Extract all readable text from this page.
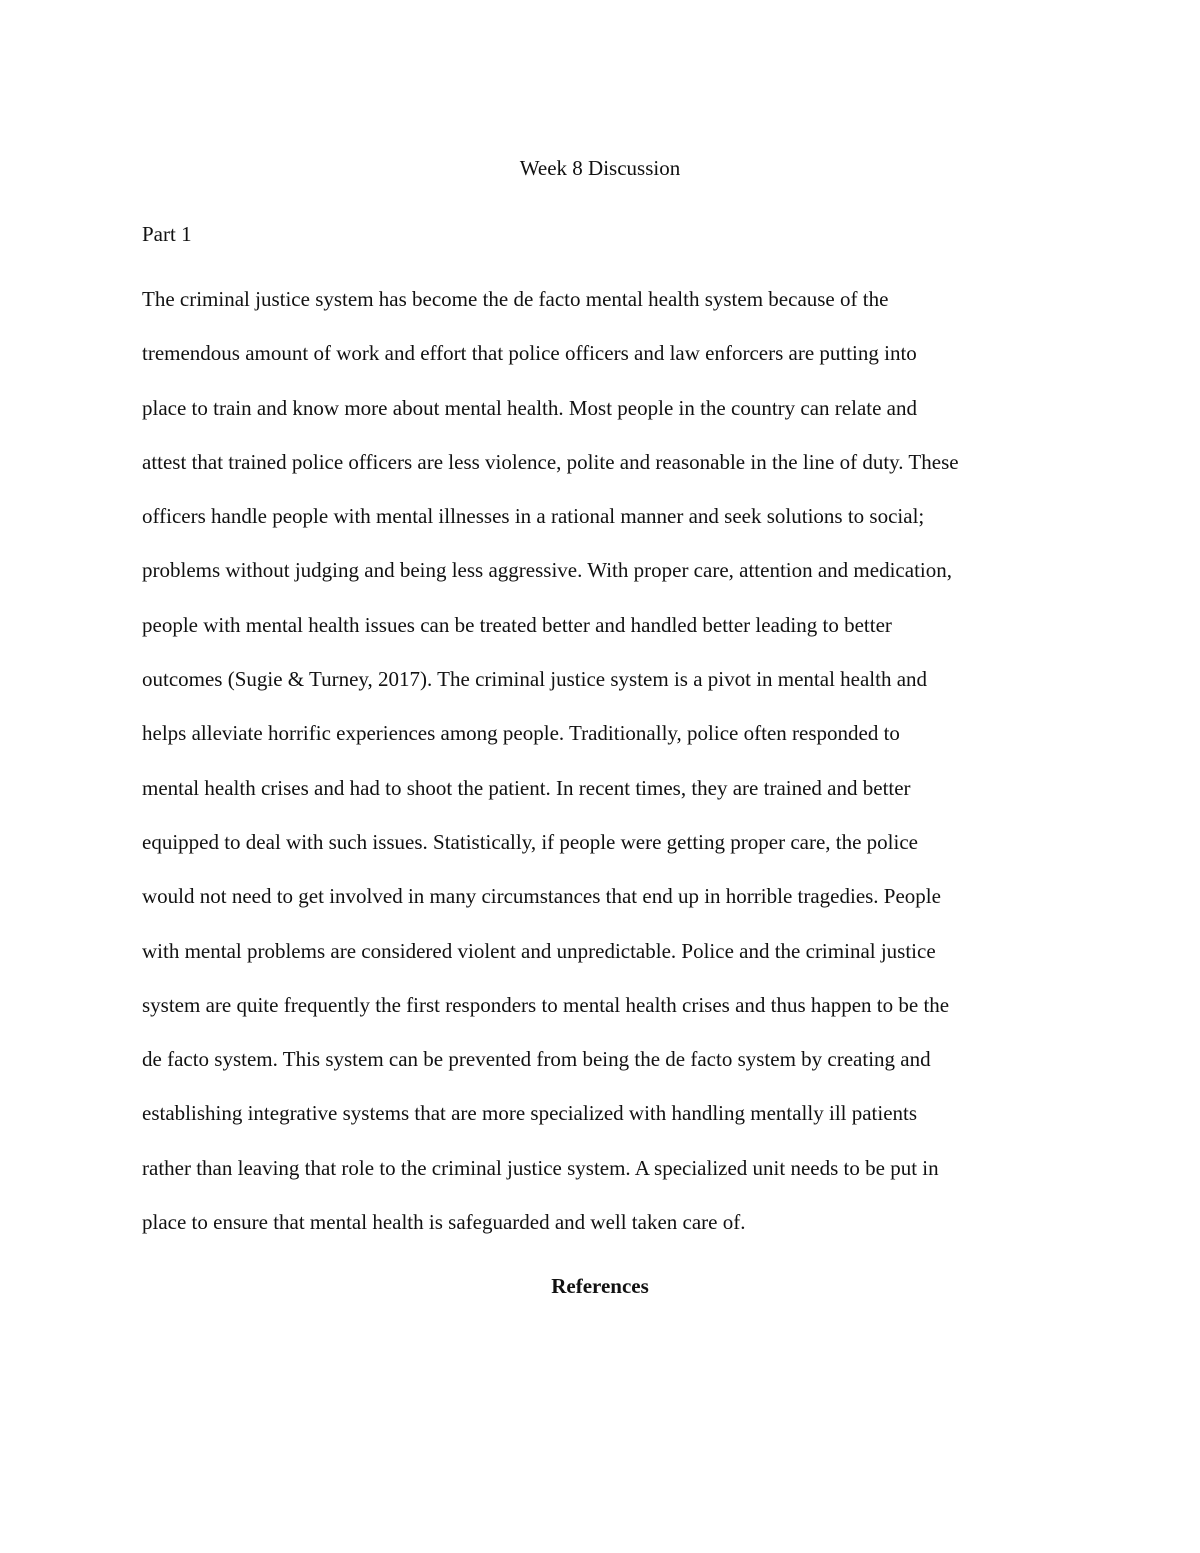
Week 8 Discussion

Part 1

The criminal justice system has become the de facto mental health system because of the
tremendous amount of work and effort that police officers and law enforcers are putting into
place to train and know more about mental health. Most people in the country can relate and
attest that trained police officers are less violence, polite and reasonable in the line of duty. These
officers handle people with mental illnesses in a rational manner and seek solutions to social;
problems without judging and being less aggressive. With proper care, attention and medication,
people with mental health issues can be treated better and handled better leading to better
outcomes (Sugie & Turney, 2017). The criminal justice system is a pivot in mental health and
helps alleviate horrific experiences among people. Traditionally, police often responded to
mental health crises and had to shoot the patient. In recent times, they are trained and better
equipped to deal with such issues. Statistically, if people were getting proper care, the police
would not need to get involved in many circumstances that end up in horrible tragedies. People
with mental problems are considered violent and unpredictable. Police and the criminal justice
system are quite frequently the first responders to mental health crises and thus happen to be the
de facto system. This system can be prevented from being the de facto system by creating and
establishing integrative systems that are more specialized with handling mentally ill patients
rather than leaving that role to the criminal justice system. A specialized unit needs to be put in
place to ensure that mental health is safeguarded and well taken care of.
References
